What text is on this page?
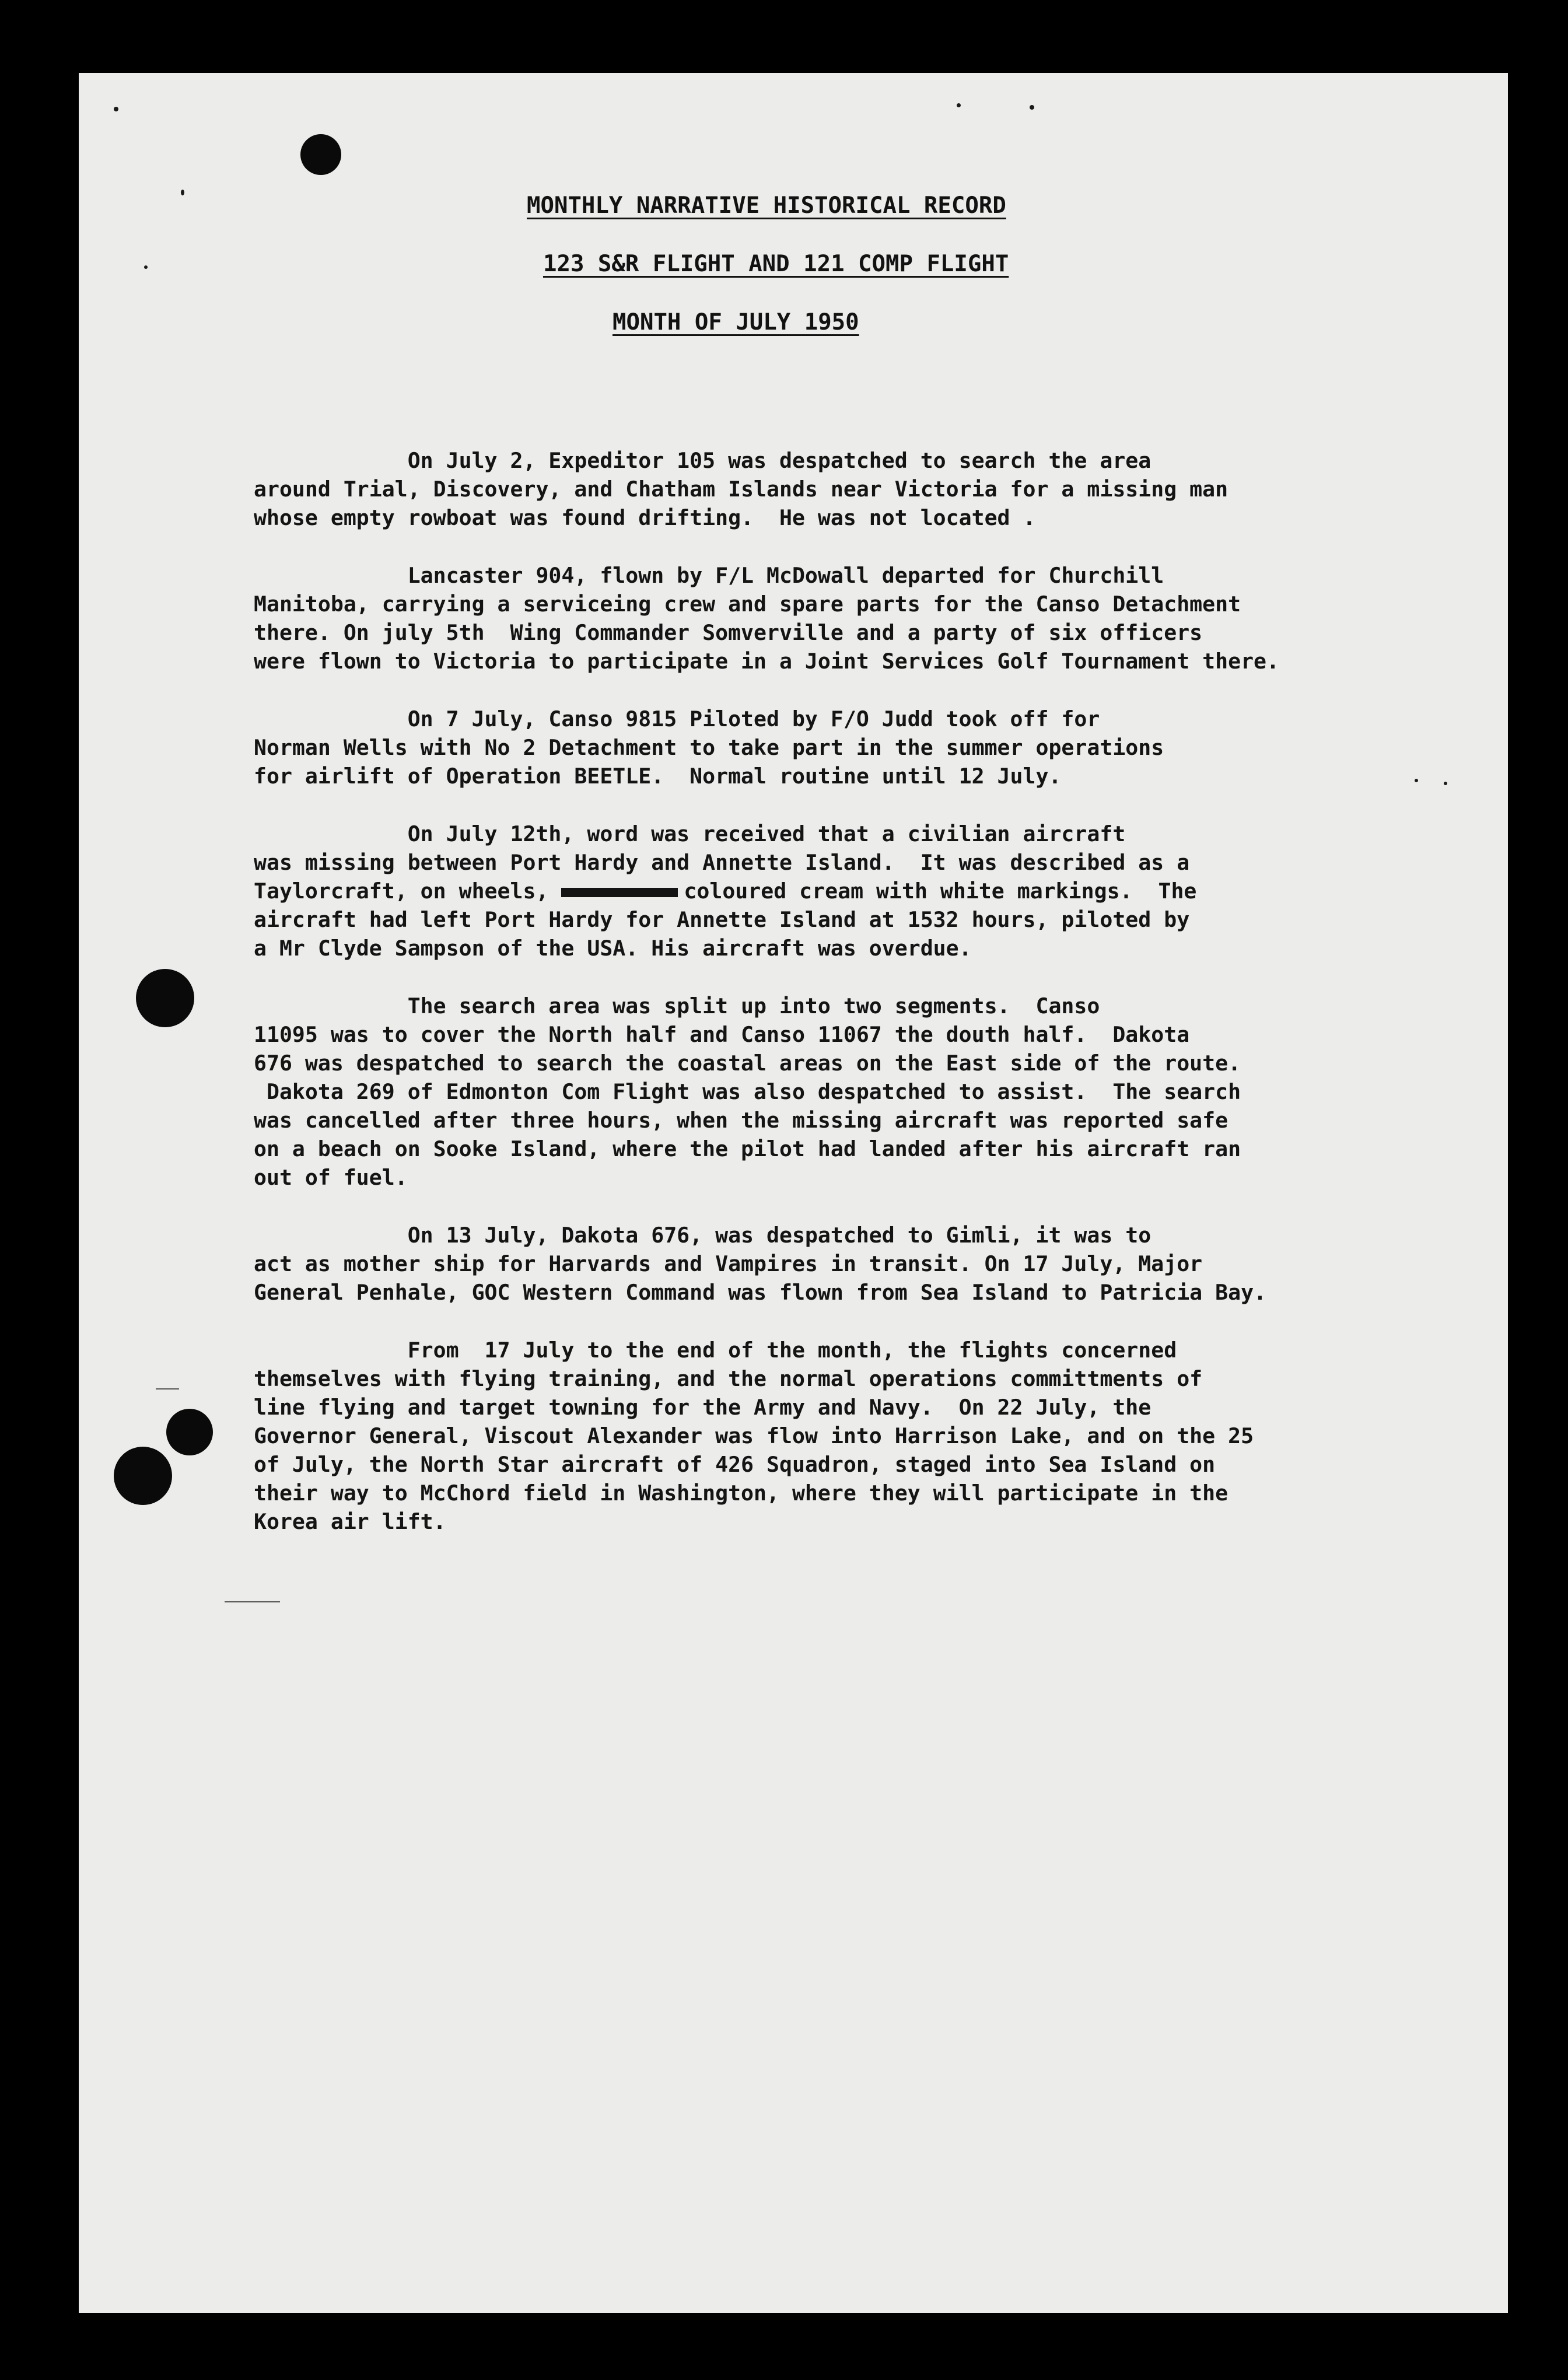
MONTHLY NARRATIVE HISTORICAL RECORD
123 S&R FLIGHT AND 121 COMP FLIGHT
MONTH OF JULY 1950
On July 2, Expeditor 105 was despatched to search the area
around Trial, Discovery, and Chatham Islands near Victoria for a missing man
whose empty rowboat was found drifting.  He was not located .
Lancaster 904, flown by F/L McDowall departed for Churchill
Manitoba, carrying a serviceing crew and spare parts for the Canso Detachment
there. On july 5th  Wing Commander Somverville and a party of six officers
were flown to Victoria to participate in a Joint Services Golf Tournament there.
On 7 July, Canso 9815 Piloted by F/O Judd took off for
Norman Wells with No 2 Detachment to take part in the summer operations
for airlift of Operation BEETLE.  Normal routine until 12 July.
On July 12th, word was received that a civilian aircraft
was missing between Port Hardy and Annette Island.  It was described as a
Taylorcraft, on wheels,	coloured cream with white markings.  The
aircraft had left Port Hardy for Annette Island at 1532 hours, piloted by
a Mr Clyde Sampson of the USA. His aircraft was overdue.
The search area was split up into two segments.  Canso
11095 was to cover the North half and Canso 11067 the douth half.  Dakota
676 was despatched to search the coastal areas on the East side of the route.
Dakota 269 of Edmonton Com Flight was also despatched to assist.  The search
was cancelled after three hours, when the missing aircraft was reported safe
on a beach on Sooke Island, where the pilot had landed after his aircraft ran
out of fuel.
On 13 July, Dakota 676, was despatched to Gimli, it was to
act as mother ship for Harvards and Vampires in transit. On 17 July, Major
General Penhale, GOC Western Command was flown from Sea Island to Patricia Bay.
From  17 July to the end of the month, the flights concerned
themselves with flying training, and the normal operations committments of
line flying and target towning for the Army and Navy.  On 22 July, the
Governor General, Viscout Alexander was flow into Harrison Lake, and on the 25
of July, the North Star aircraft of 426 Squadron, staged into Sea Island on
their way to McChord field in Washington, where they will participate in the
Korea air lift.
